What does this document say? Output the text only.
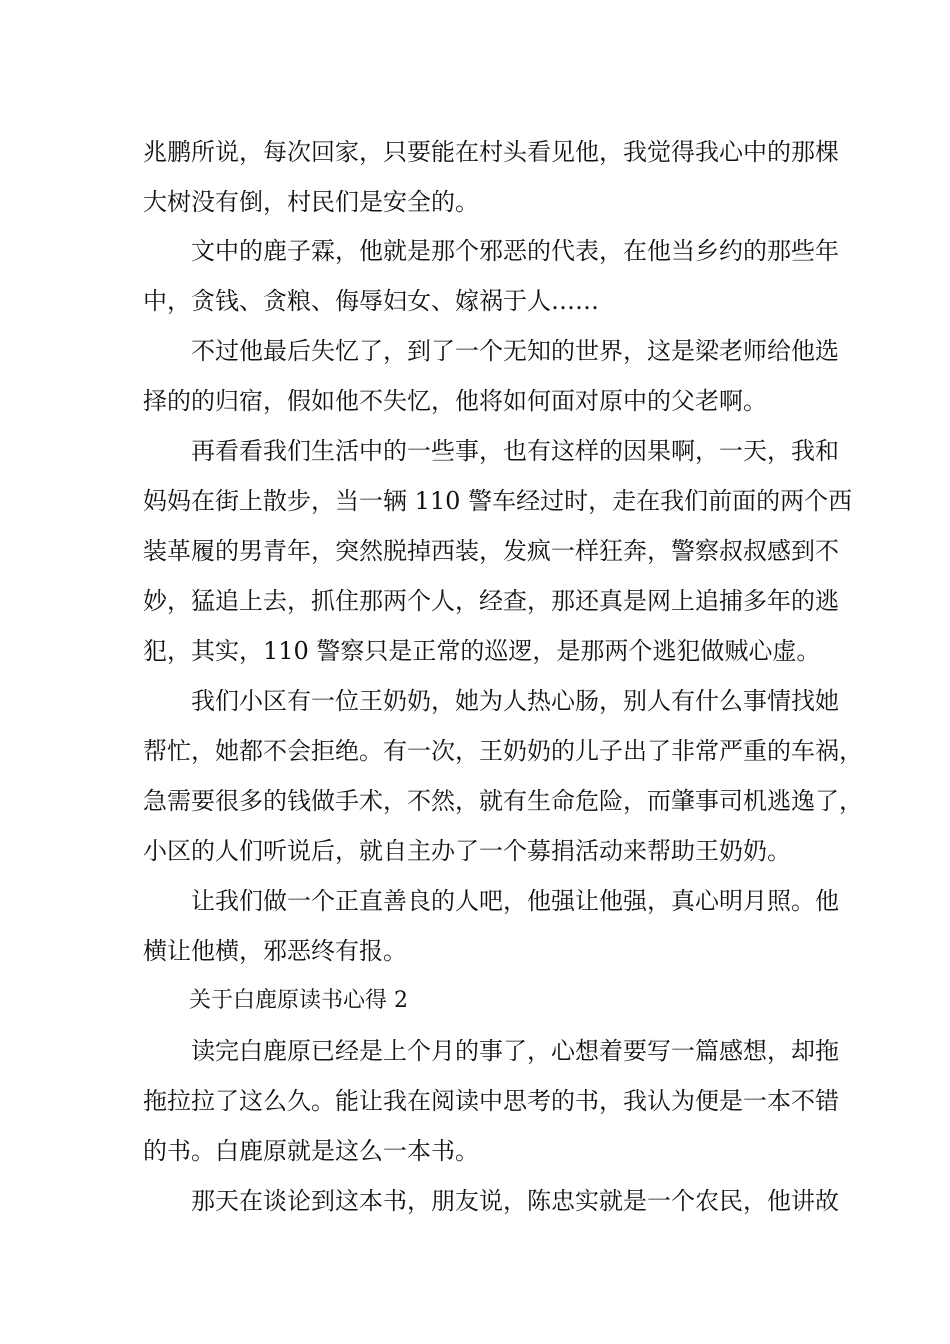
兆鹏所说，每次回家，只要能在村头看见他，我觉得我心中的那棵
大树没有倒，村民们是安全的。
文中的鹿子霖，他就是那个邪恶的代表，在他当乡约的那些年
中，贪钱、贪粮、侮辱妇女、嫁祸于人……
不过他最后失忆了，到了一个无知的世界，这是梁老师给他选
择的的归宿，假如他不失忆，他将如何面对原中的父老啊。
再看看我们生活中的一些事，也有这样的因果啊，一天，我和
妈妈在街上散步，当一辆 110 警车经过时，走在我们前面的两个西
装革履的男青年，突然脱掉西装，发疯一样狂奔，警察叔叔感到不
妙，猛追上去，抓住那两个人，经查，那还真是网上追捕多年的逃
犯，其实，110 警察只是正常的巡逻，是那两个逃犯做贼心虚。
我们小区有一位王奶奶，她为人热心肠，别人有什么事情找她
帮忙，她都不会拒绝。有一次，王奶奶的儿子出了非常严重的车祸，
急需要很多的钱做手术，不然，就有生命危险，而肇事司机逃逸了，
小区的人们听说后，就自主办了一个募捐活动来帮助王奶奶。
让我们做一个正直善良的人吧，他强让他强，真心明月照。他
横让他横，邪恶终有报。
关于白鹿原读书心得 2
读完白鹿原已经是上个月的事了，心想着要写一篇感想，却拖
拖拉拉了这么久。能让我在阅读中思考的书，我认为便是一本不错
的书。白鹿原就是这么一本书。
那天在谈论到这本书，朋友说，陈忠实就是一个农民，他讲故
